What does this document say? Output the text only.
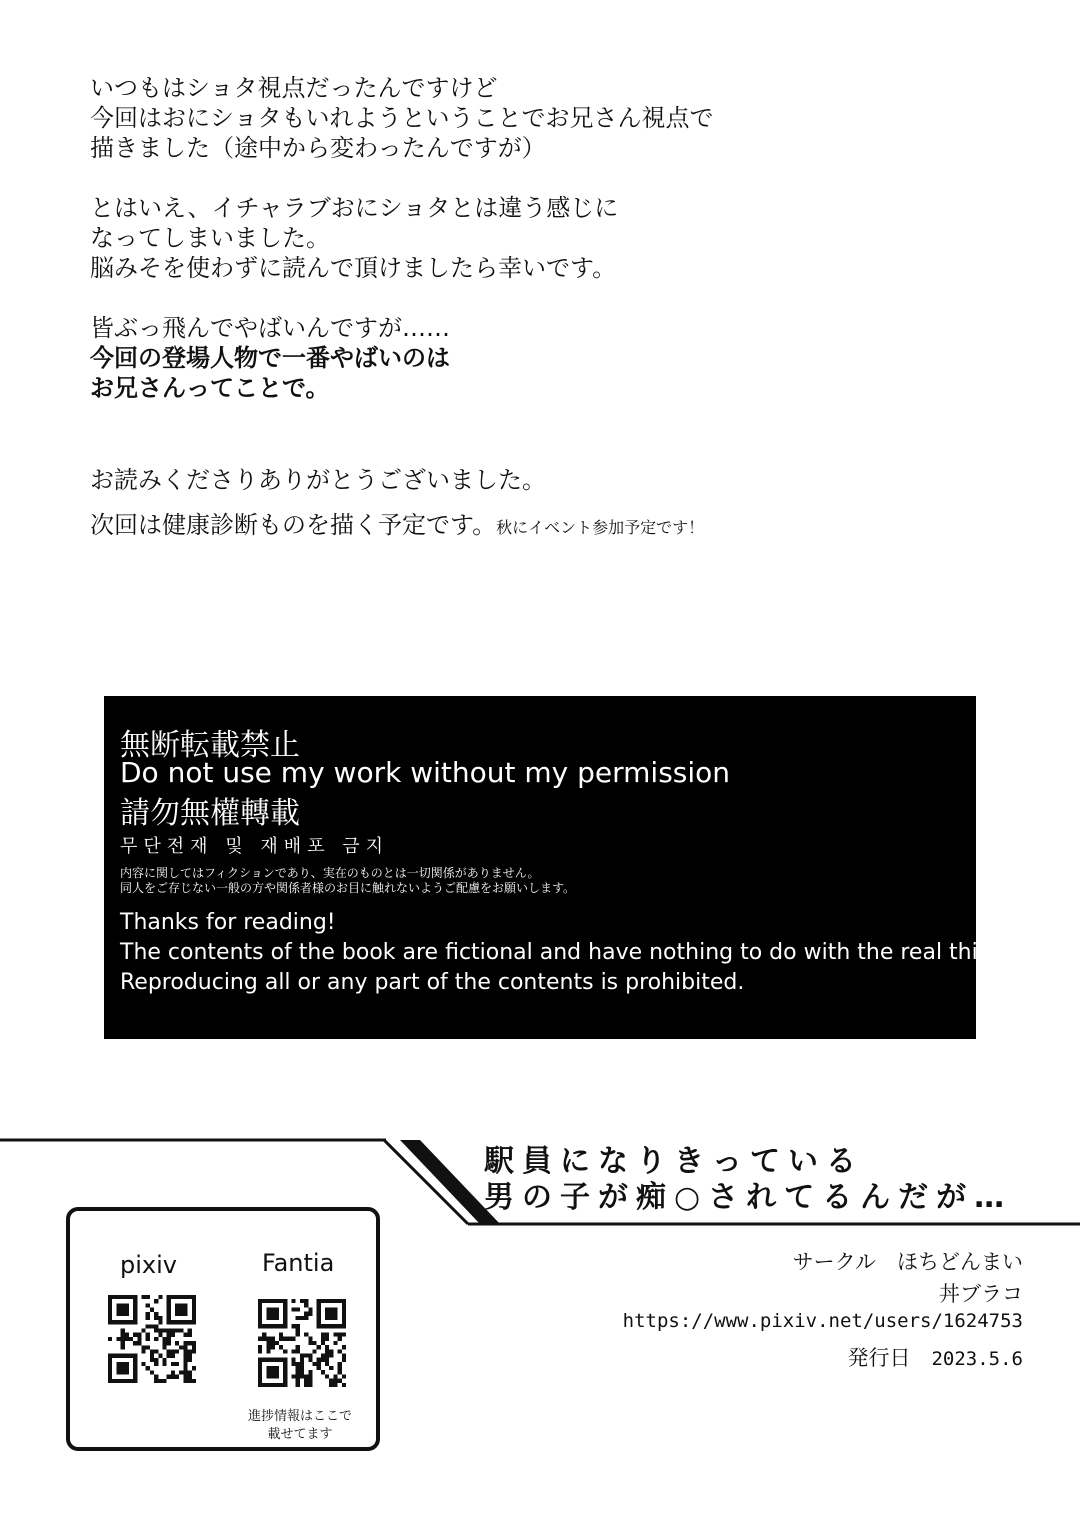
いつもはショタ視点だったんですけど
今回はおにショタもいれようということでお兄さん視点で
描きました（途中から変わったんですが）
とはいえ、イチャラブおにショタとは違う感じに
なってしまいました。
脳みそを使わずに読んで頂けましたら幸いです。
皆ぶっ飛んでやばいんですが……
今回の登場人物で一番やばいのは
お兄さんってことで。
お読みくださりありがとうございました。
次回は健康診断ものを描く予定です。秋にイベント参加予定です！
無断転載禁止
Do not use my work without my permission
請勿無權轉載
무단전재 및 재배포 금지
内容に関してはフィクションであり、実在のものとは一切関係がありません。
同人をご存じない一般の方や関係者様のお目に触れないようご配慮をお願いします。
Thanks for reading!
The contents of the book are fictional and have nothing to do with the real thing.
Reproducing all or any part of the contents is prohibited.
駅員になりきっている
男の子が痴○されてるんだが…
pixiv	Fantia
進捗情報はここで
載せてます
サークル　ほちどんまい
丼ブラコ
https://www.pixiv.net/users/1624753
発行日　 2023.5.6
